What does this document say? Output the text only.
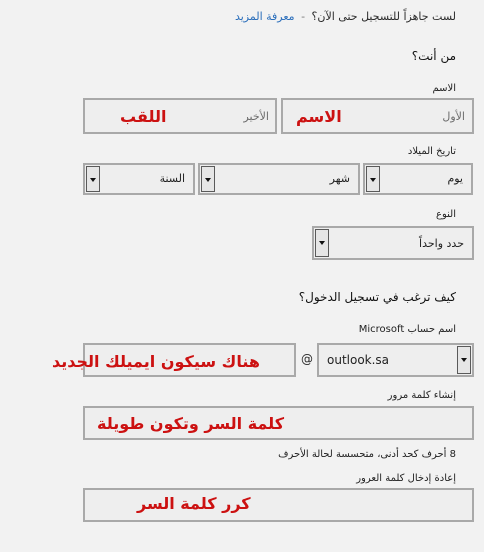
لست جاهزاً للتسجيل حتى الآن؟ - معرفة المزيد
من أنت؟
الاسم
الأول
الاسم
الأخير
اللقب
تاريخ الميلاد
يوم
شهر
السنة
النوع
حدد واحداً
كيف ترغب في تسجيل الدخول؟
اسم حساب Microsoft
هناك سيكون ايميلك الجديد	@ outlook.sa
إنشاء كلمة مرور
كلمة السر وتكون طويلة
8 أحرف كحد أدنى، متحسسة لحالة الأحرف
إعادة إدخال كلمة العرور
كرر كلمة السر
